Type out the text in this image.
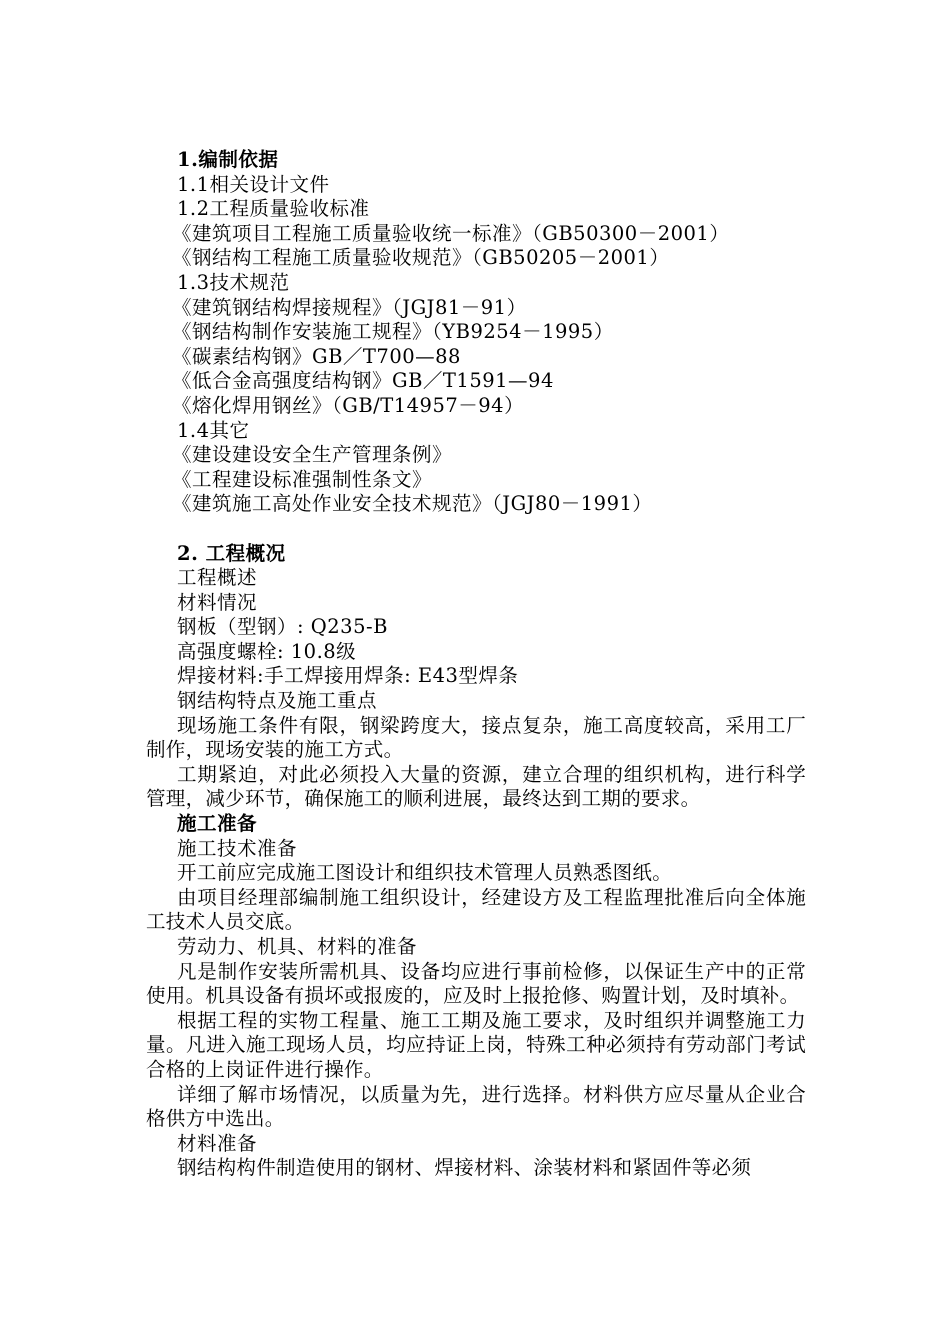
1.编制依据
1.1相关设计文件
1.2工程质量验收标准
《建筑项目工程施工质量验收统一标准》（GB50300－2001）
《钢结构工程施工质量验收规范》（GB50205－2001）
1.3技术规范
《建筑钢结构焊接规程》（JGJ81－91）
《钢结构制作安装施工规程》（YB9254－1995）
《碳素结构钢》GB／T700—88
《低合金高强度结构钢》GB／T1591—94
《熔化焊用钢丝》（GB/T14957－94）
1.4其它
《建设建设安全生产管理条例》
《工程建设标准强制性条文》
《建筑施工高处作业安全技术规范》（JGJ80－1991）
2. 工程概况
工程概述
材料情况
钢板（型钢）: Q235-B
高强度螺栓: 10.8级
焊接材料:手工焊接用焊条: E43型焊条
钢结构特点及施工重点
现场施工条件有限，钢梁跨度大，接点复杂，施工高度较高，采用工厂制作，现场安装的施工方式。
工期紧迫，对此必须投入大量的资源，建立合理的组织机构，进行科学管理，减少环节，确保施工的顺利进展，最终达到工期的要求。
施工准备
施工技术准备
开工前应完成施工图设计和组织技术管理人员熟悉图纸。
由项目经理部编制施工组织设计，经建设方及工程监理批准后向全体施工技术人员交底。
劳动力、机具、材料的准备
凡是制作安装所需机具、设备均应进行事前检修，以保证生产中的正常使用。机具设备有损坏或报废的，应及时上报抢修、购置计划，及时填补。
根据工程的实物工程量、施工工期及施工要求，及时组织并调整施工力量。凡进入施工现场人员，均应持证上岗，特殊工种必须持有劳动部门考试合格的上岗证件进行操作。
详细了解市场情况，以质量为先，进行选择。材料供方应尽量从企业合格供方中选出。
材料准备
钢结构构件制造使用的钢材、焊接材料、涂装材料和紧固件等必须
